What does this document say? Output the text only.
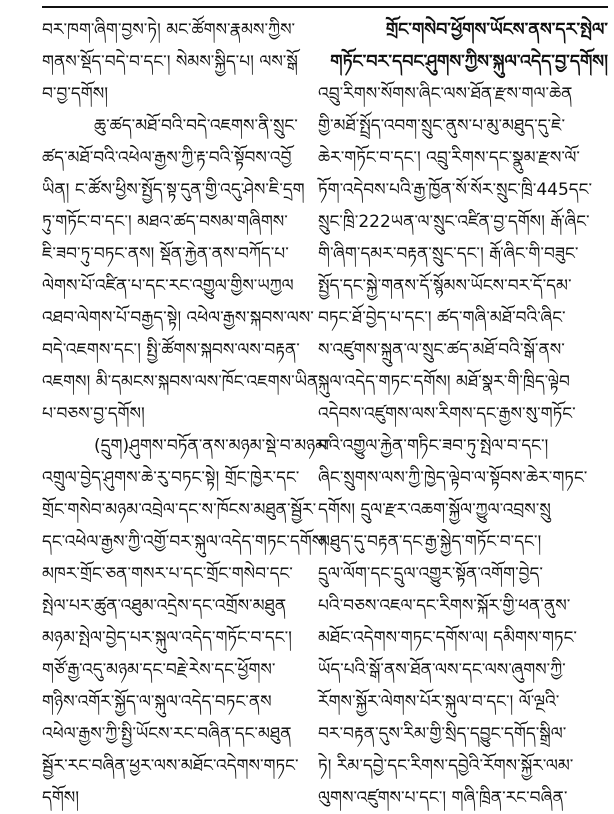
བར་ཁག་ཞིག་བྱས་ཏེ། མང་ཚོགས་རྣམས་ཀྱིས་
གནས་སྡོད་བདེ་བ་དང་། སེམས་སྐྱིད་པ། ལས་སྒོ
བ་བྱ་དགོས།
ཆུ་ཚད་མཐོ་བའི་བདེ་འཇགས་ནི་སྲུང་
ཚད་མཐོ་བའི་འཕེལ་རྒྱས་ཀྱི་རྟ་བའི་སྟོབས་འབྱོ
ཡིན། ང་ཚོས་ཕྱིས་སྤྱོད་སྟ་དུན་གྱི་འདུ་ཤེས་ཇི་དྲག
ཏུ་གཏོང་བ་དང་། མཐའ་ཚད་བསམ་གཞིགས་
ཇི་ཟབ་ཏུ་བཏང་ནས། སྡོན་རྐྱེན་ནས་བཀོད་པ་
ལེགས་པོ་འཛིན་པ་དང་རང་འགྱུལ་གྱིས་ཡཀྱལ
འཐབ་ལེགས་པོ་བརྒྱད་སྟེ། འཕེལ་རྒྱས་སྐབས་ལས་
བདེ་འཇགས་དང་། སྤྱི་ཚོགས་སྐབས་ལས་བརྟན་
འཇགས། མི་དམངས་སྐབས་ལས་ཁོང་འཇགས་ཡིན་
པ་བཅས་བྱ་དགོས།
(དྲུག)ཤུགས་བཏོན་ནས་མཉམ་སྡེ་བ་མཉམ་
འགྲུལ་བྱེད་ཤུགས་ཆེ་རུ་བཏང་སྟེ། གྲོང་ཁྱེར་དང་
གྲོང་གསེབ་མཉམ་འབྲེལ་དང་ས་ཁོངས་མཐུན་སྦྱོར་
དང་འཕེལ་རྒྱས་ཀྱི་འགྱོ་བར་སྐུལ་འདེད་གཏང་དགོས།
མཁར་གྲོང་ཅན་གསར་པ་དང་གྲོང་གསེབ་དང་
སྤེལ་པར་ཚུན་འཐུམ་འདྲེས་དང་འགྲོས་མཐུན
མཉམ་སྤེལ་བྱེད་པར་སྐུལ་འདེད་གཏོང་བ་དང་།
གཙོ་རྒྱ་འདུ་མཉམ་དང་བརྗེ་རེས་དང་ཕྱོགས་
གཉིས་འགོར་སྐྱོད་ལ་སྐུལ་འདེད་བཏང་ནས
འཕེལ་རྒྱས་ཀྱི་སྤྱི་ཡོངས་རང་བཞིན་དང་མཐུན
སྦྱོར་རང་བཞིན་ཕྱར་ལས་མཐོང་འདེགས་གཏང་
དགོས།
གྲོང་གསེབ་ཕྱོགས་ཡོངས་ནས་དར་སྤེལ་
གཏོང་བར་དབང་ཤུགས་ཀྱིས་སྐུལ་འདེད་བྱ་དགོས།
འབྲུ་རིགས་སོགས་ཞིང་ལས་ཐོན་རྫས་གལ་ཆེན
གྱི་མཐོ་སྤྲོད་འབག་སྲུང་ནུས་པ་མུ་མཐུད་དུ་ཇེ་
ཆེར་གཏོང་བ་དང་། འབྲུ་རིགས་དང་སྣུམ་རྫས་ལོ་
ཏོག་འདེབས་པའི་རྒྱ་ཁྱོན་སོ་སོར་སྲུང་ཁྲི་445དང་
སྲུང་ཁྲི་222ཡན་ལ་སྲུང་འཛིན་བྱ་དགོས། རྒོ་ཞིང་
གི་ཞིག་དམར་བརྟན་སྲུང་དང་། རྒོ་ཞིང་གི་བཟུང་
སྤྱོད་དང་སྐྱེ་གནས་དོ་སྙོམས་ཡོངས་བར་དོ་དམ་
བཏང་ཐོ་བྱེད་པ་དང་། ཚད་གཞི་མཐོ་བའི་ཞིང་
ས་འཛུགས་སྐྲུན་ལ་སྲུང་ཚད་མཐོ་བའི་སྒོ་ནས་
སྐུལ་འདེད་གཏང་དགོས། མཐོ་སྣར་གི་ཁྲིད་ལྟེབ
འདེབས་འཛུགས་ལས་རིགས་དང་རྒྱས་སུ་གཏོང་
བའི་འགྱུལ་རྐྱེན་གཏིང་ཟབ་ཏུ་སྤེལ་བ་དང་།
ཞིང་སྲུགས་ལས་ཀྱི་ཁྱེད་ལྟེབ་ལ་སྟོབས་ཆེར་གཏང་
དགོས། དྲུལ་རྫར་འཆག་སྐྱོལ་ཀྱུལ་འབྲས་སྲུ
མཐུད་དུ་བརྟན་དང་རྒྱ་སྐྱེད་གཏོང་བ་དང་།
དྲུལ་ལོག་དང་དྲུལ་འགྱུར་སྟོན་འགོག་བྱེད་
པའི་བཅས་འཇལ་དང་རིགས་སྐོར་གྱི་ཕན་ནུས་
མཐོང་འདེགས་གཏང་དགོས་ལ། དམིགས་གཏང་
ཡོད་པའི་སྒོ་ནས་ཐོན་ལས་དང་ལས་ཞུགས་ཀྱི་
རོགས་སྐྱོར་ལེགས་པོར་སྐུལ་བ་དང་། ལོ་ལྔའི་
བར་བརྟན་དུས་རིམ་གྱི་སྲིད་དབྱུང་དགོད་སྒྲིལ་
ཏེ། རིམ་དབྱེ་དང་རིགས་དབྱེའི་རོགས་སྐྱོར་ལམ་
ལུགས་འཛུགས་པ་དང་། གཞི་ཁྲིན་རང་བཞིན་
